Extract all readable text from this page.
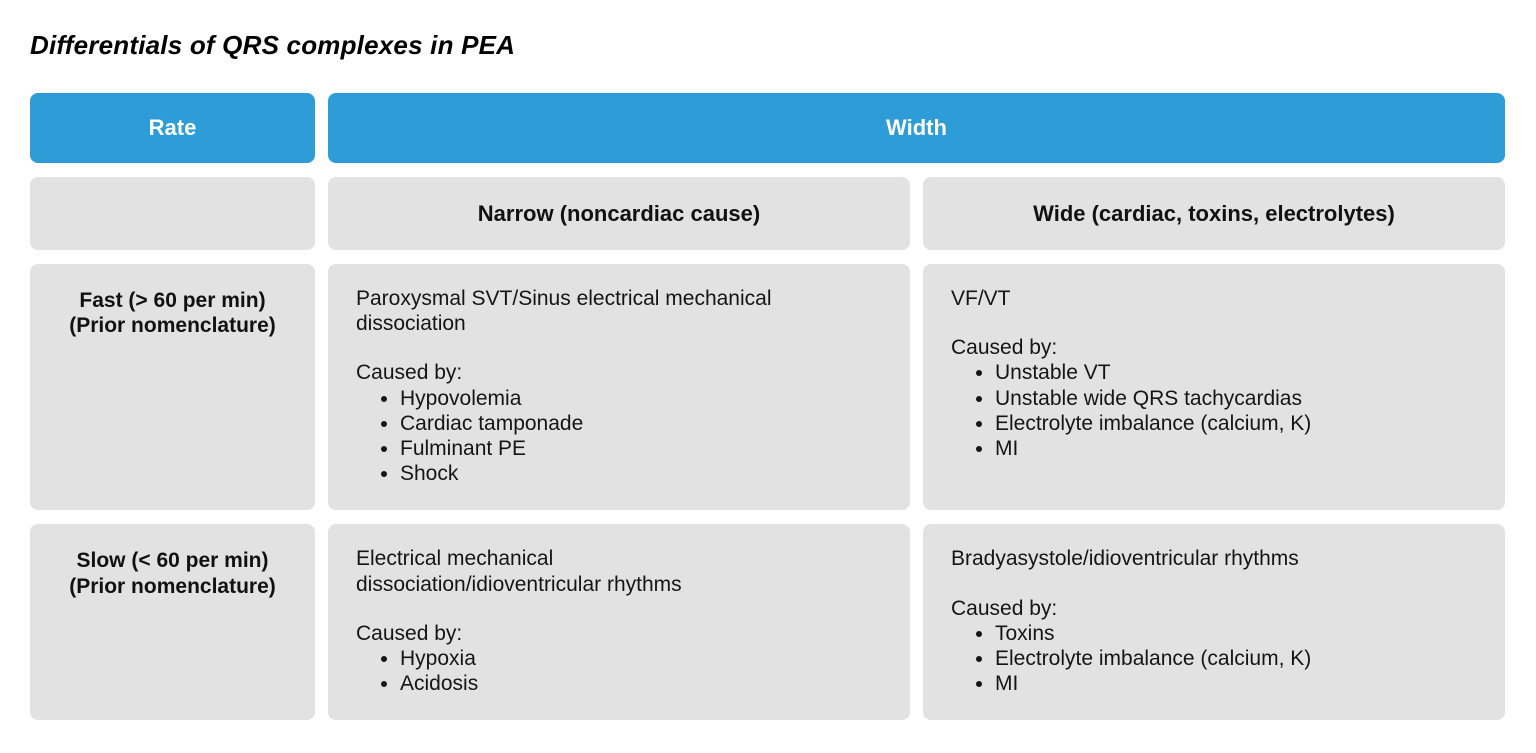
Differentials of QRS complexes in PEA
Rate	Width
Narrow (noncardiac cause)	Wide (cardiac, toxins, electrolytes)
Fast (> 60 per min)
(Prior nomenclature)

Paroxysmal SVT/Sinus electrical mechanical dissociation

Caused by:

• Hypovolemia
• Cardiac tamponade
• Fulminant PE
• Shock

VF/VT

Caused by:

• Unstable VT
• Unstable wide QRS tachycardias
• Electrolyte imbalance (calcium, K)
• MI
Slow (< 60 per min)
(Prior nomenclature)

Electrical mechanical dissociation/idioventricular rhythms

Caused by:

• Hypoxia
• Acidosis

Bradyasystole/idioventricular rhythms

Caused by:

• Toxins
• Electrolyte imbalance (calcium, K)
• MI
